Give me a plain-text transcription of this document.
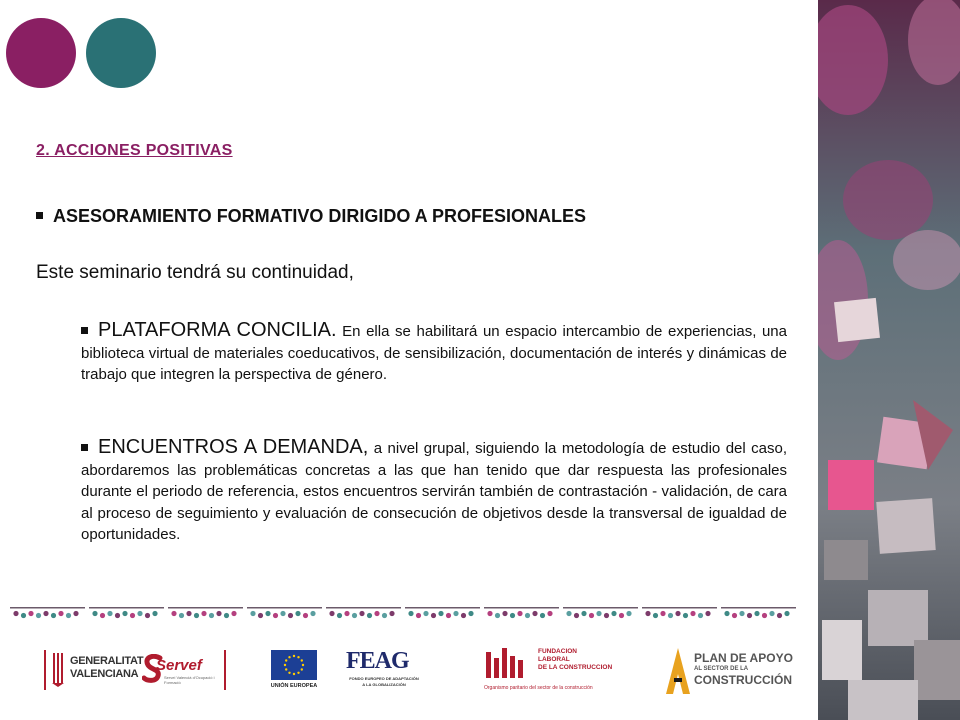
2. ACCIONES POSITIVAS
ASESORAMIENTO FORMATIVO DIRIGIDO A PROFESIONALES
Este seminario tendrá su continuidad,
PLATAFORMA CONCILIA. En ella se habilitará un espacio intercambio de experiencias, una biblioteca virtual de materiales coeducativos, de sensibilización, documentación de interés y dinámicas de trabajo que integren la perspectiva de género.
ENCUENTROS A DEMANDA, a nivel grupal, siguiendo la metodología de estudio del caso, abordaremos las problemáticas concretas a las que han tenido que dar respuesta las profesionales durante el periodo de referencia, estos encuentros servirán también de contrastación - validación, de cara al proceso de seguimiento y evaluación de consecución de objetivos desde la transversal de igualdad de oportunidades.
GENERALITAT
VALENCIANA	Servef
Servei Valencià d'Ocupació i Formació
UNIÓN EUROPEA
FEAG
FONDO EUROPEO DE ADAPTACIÓN
A LA GLOBALIZACIÓN
FUNDACION
LABORAL
DE LA CONSTRUCCION
Organismo paritario del sector de la construcción
PLAN DE APOYO
AL SECTOR DE LA
CONSTRUCCIÓN
